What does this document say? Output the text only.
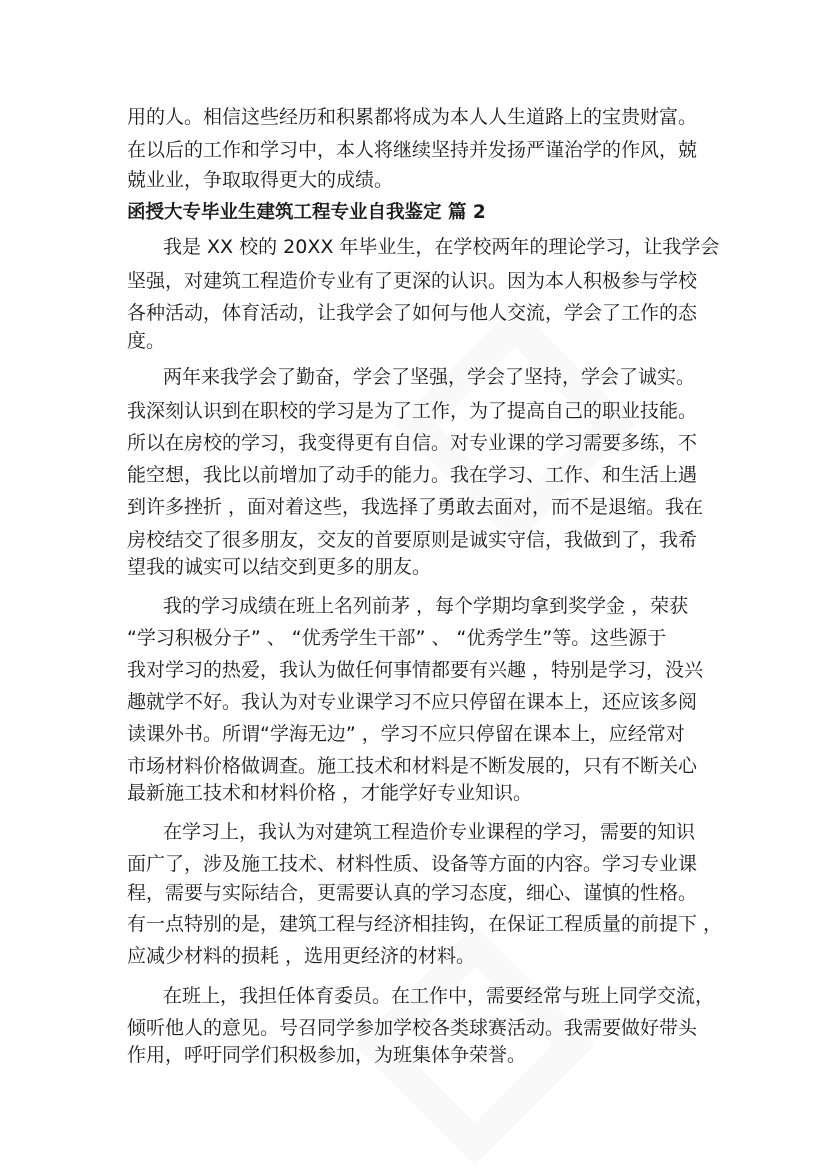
用的人。相信这些经历和积累都将成为本人人生道路上的宝贵财富。
在以后的工作和学习中，本人将继续坚持并发扬严谨治学的作风，兢
兢业业，争取取得更大的成绩。
函授大专毕业生建筑工程专业自我鉴定 篇 2
我是 XX 校的 20XX 年毕业生，在学校两年的理论学习，让我学会
坚强，对建筑工程造价专业有了更深的认识。因为本人积极参与学校
各种活动，体育活动，让我学会了如何与他人交流，学会了工作的态
度。
两年来我学会了勤奋，学会了坚强，学会了坚持，学会了诚实。
我深刻认识到在职校的学习是为了工作，为了提高自己的职业技能。
所以在房校的学习，我变得更有自信。对专业课的学习需要多练，不
能空想，我比以前增加了动手的能力。我在学习、工作、和生活上遇
到许多挫折 ，面对着这些，我选择了勇敢去面对，而不是退缩。我在
房校结交了很多朋友，交友的首要原则是诚实守信，我做到了，我希
望我的诚实可以结交到更多的朋友。
我的学习成绩在班上名列前茅 ，每个学期均拿到奖学金 ，荣获
“学习积极分子” 、 “优秀学生干部” 、 “优秀学生”等。这些源于
我对学习的热爱，我认为做任何事情都要有兴趣 ，特别是学习，没兴
趣就学不好。我认为对专业课学习不应只停留在课本上，还应该多阅
读课外书。所谓“学海无边” ，学习不应只停留在课本上，应经常对
市场材料价格做调查。施工技术和材料是不断发展的，只有不断关心
最新施工技术和材料价格 ，才能学好专业知识。
在学习上，我认为对建筑工程造价专业课程的学习，需要的知识
面广了，涉及施工技术、材料性质、设备等方面的内容。学习专业课
程，需要与实际结合，更需要认真的学习态度，细心、谨慎的性格。
有一点特别的是，建筑工程与经济相挂钩，在保证工程质量的前提下 ，
应减少材料的损耗 ，选用更经济的材料。
在班上，我担任体育委员。在工作中，需要经常与班上同学交流，
倾听他人的意见。号召同学参加学校各类球赛活动。我需要做好带头
作用，呼吁同学们积极参加，为班集体争荣誉。
